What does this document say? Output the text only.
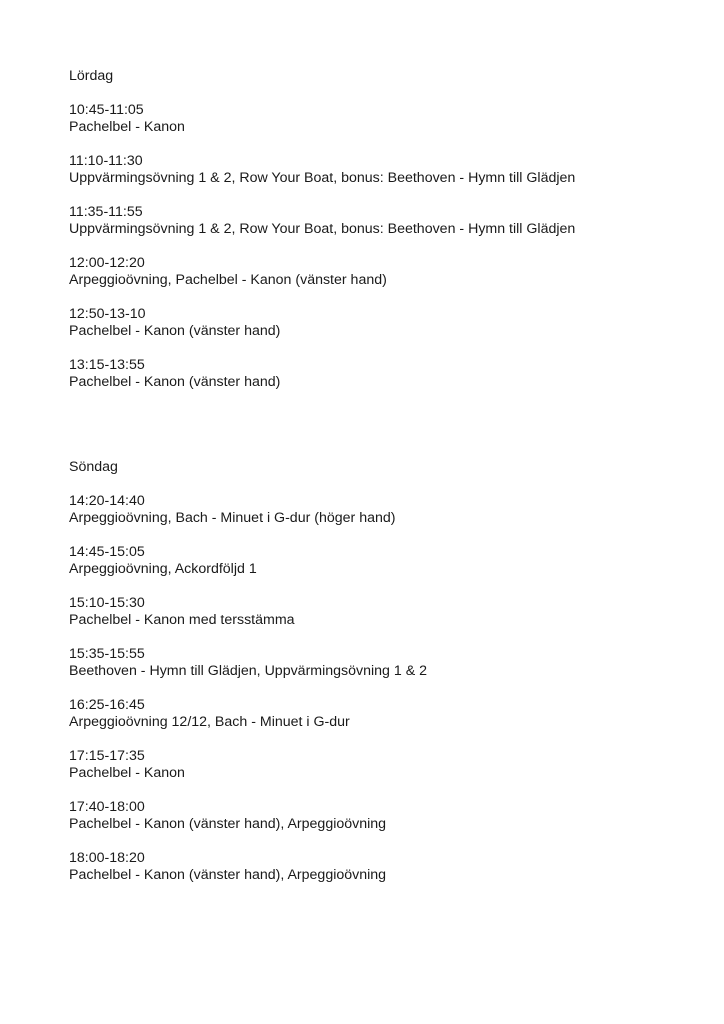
Lördag
10:45-11:05
Pachelbel - Kanon
11:10-11:30
Uppvärmingsövning 1 & 2, Row Your Boat, bonus: Beethoven - Hymn till Glädjen
11:35-11:55
Uppvärmingsövning 1 & 2, Row Your Boat, bonus: Beethoven - Hymn till Glädjen
12:00-12:20
Arpeggioövning, Pachelbel - Kanon (vänster hand)
12:50-13-10
Pachelbel - Kanon (vänster hand)
13:15-13:55
Pachelbel - Kanon (vänster hand)
Söndag
14:20-14:40
Arpeggioövning, Bach - Minuet i G-dur (höger hand)
14:45-15:05
Arpeggioövning, Ackordföljd 1
15:10-15:30
Pachelbel - Kanon med tersstämma
15:35-15:55
Beethoven - Hymn till Glädjen, Uppvärmingsövning 1 & 2
16:25-16:45
Arpeggioövning 12/12, Bach - Minuet i G-dur
17:15-17:35
Pachelbel - Kanon
17:40-18:00
Pachelbel - Kanon (vänster hand), Arpeggioövning
18:00-18:20
Pachelbel - Kanon (vänster hand), Arpeggioövning
